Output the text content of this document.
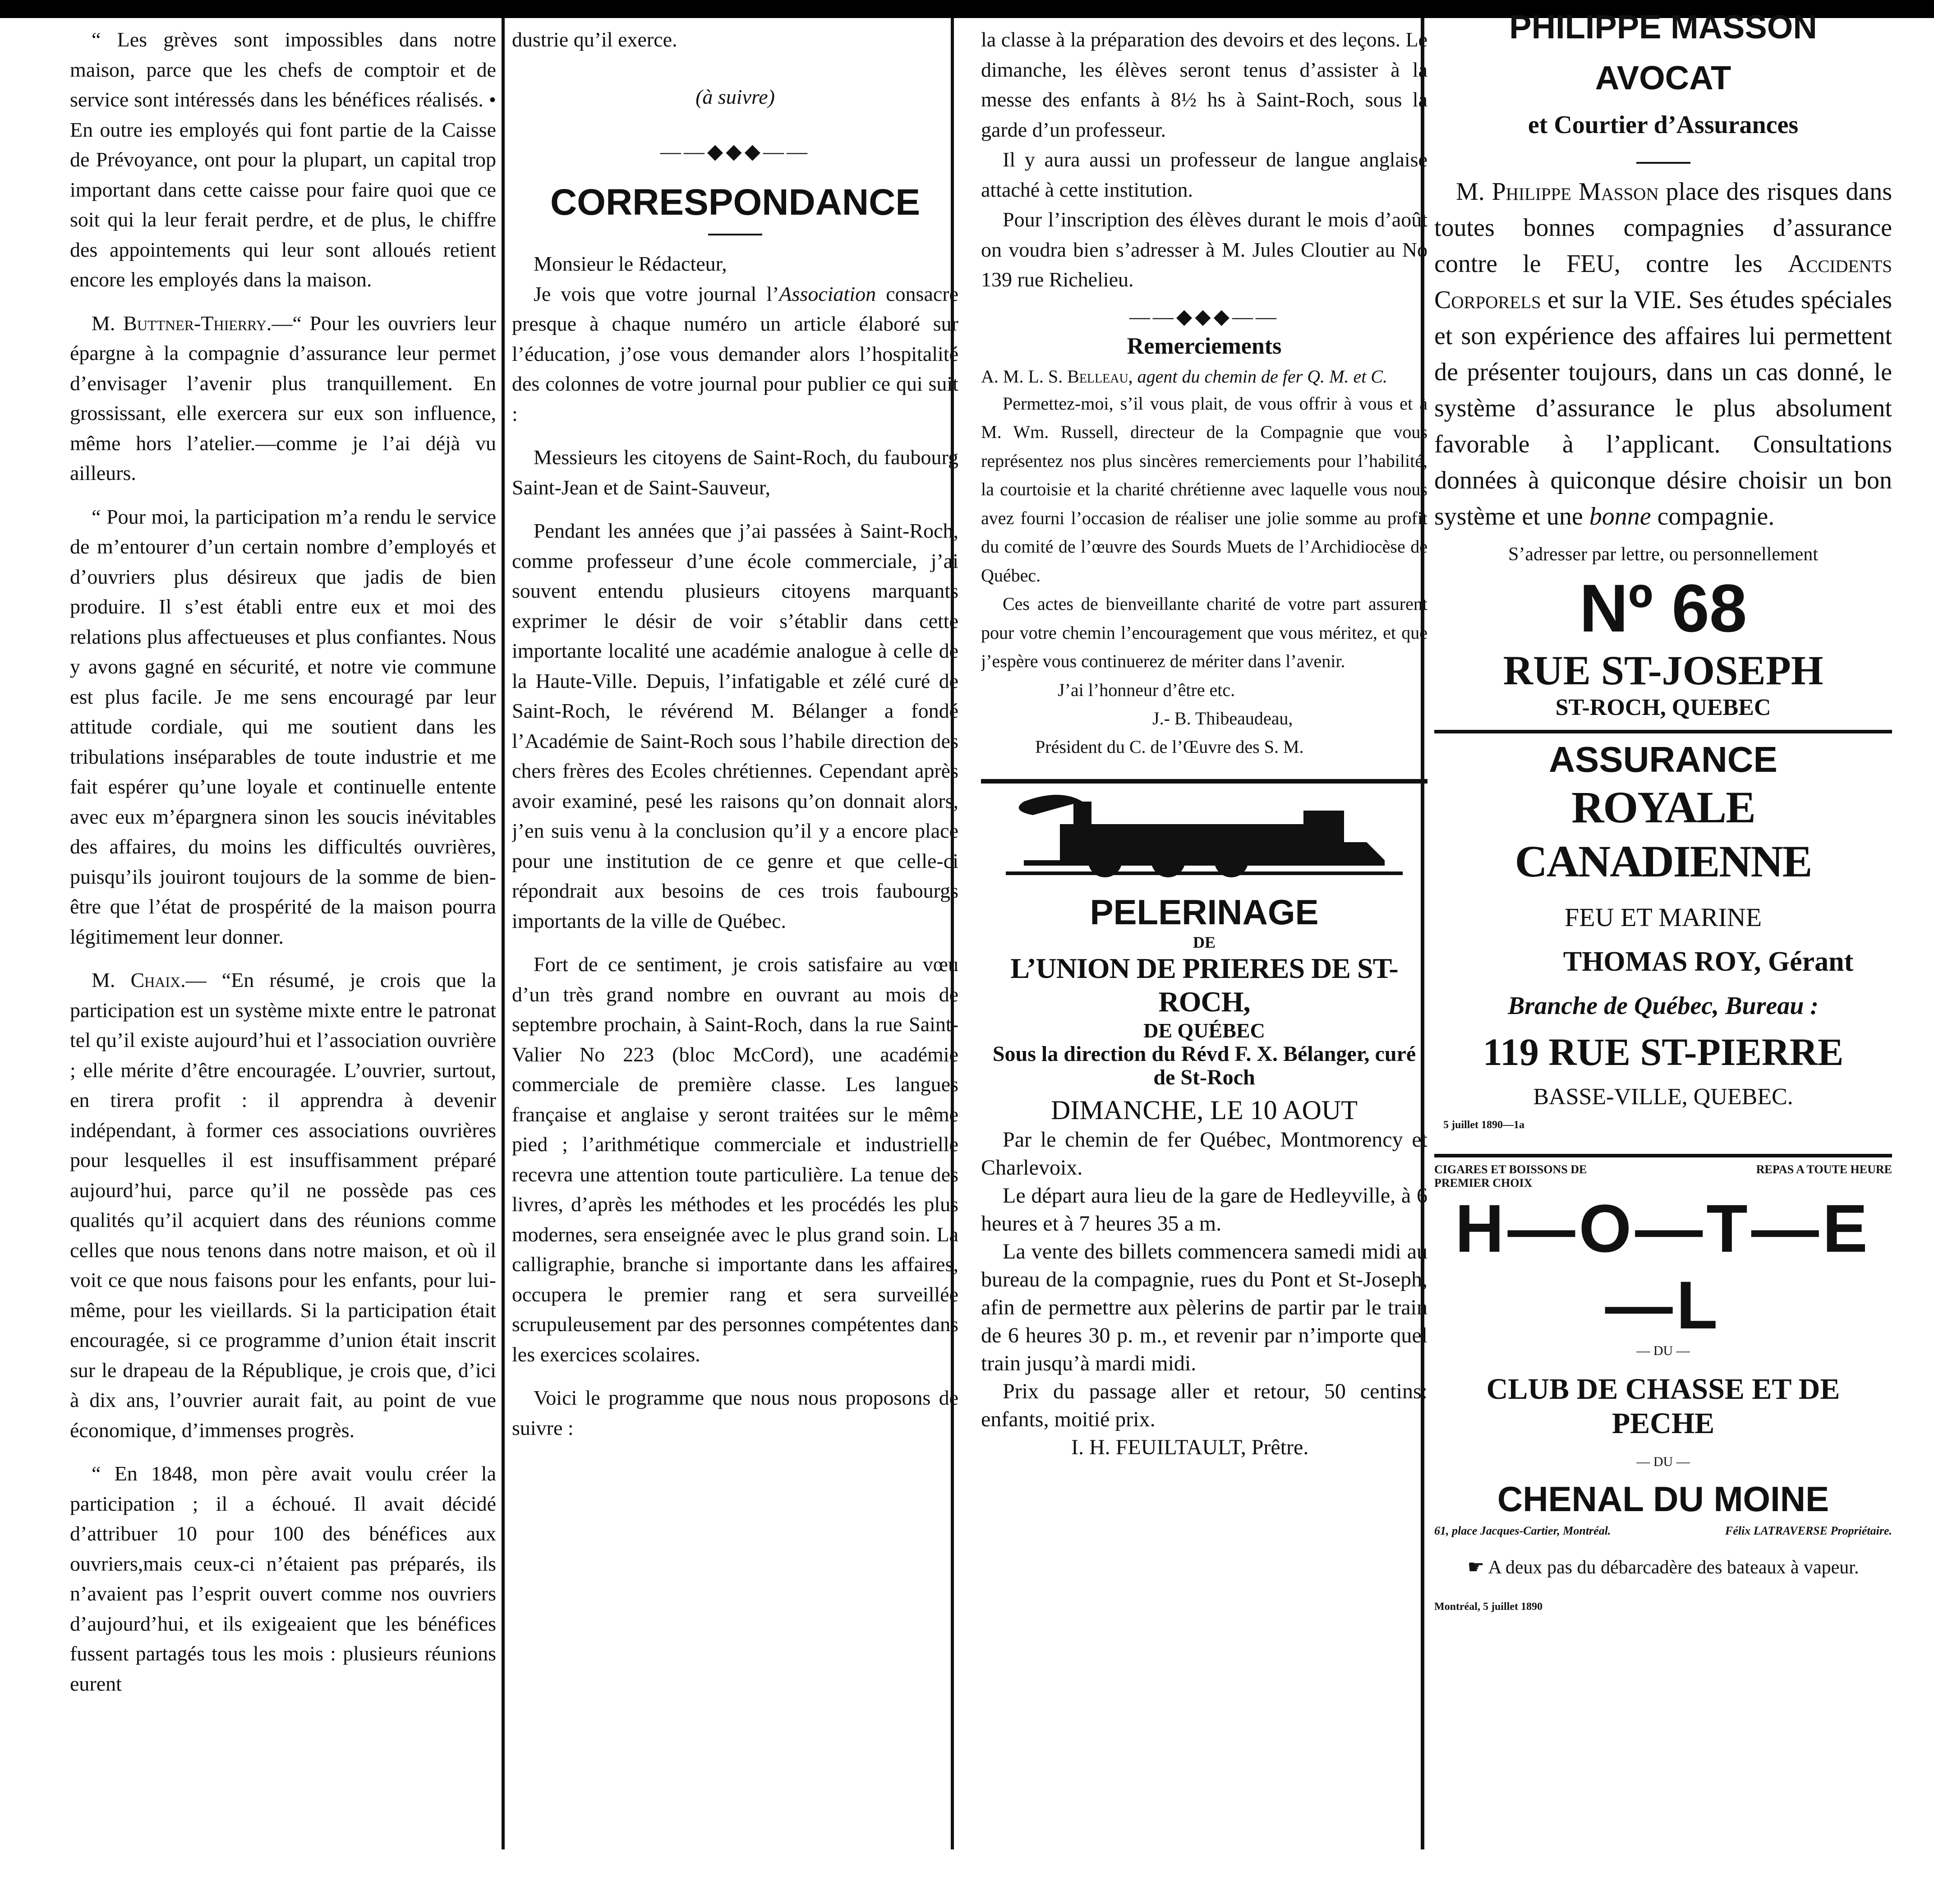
“ Les grèves sont impossibles dans notre maison, parce que les chefs de comptoir et de service sont intéressés dans les bénéfices réalisés. • En outre ies employés qui font partie de la Caisse de Prévoyance, ont pour la plupart, un capital trop important dans cette caisse pour faire quoi que ce soit qui la leur ferait perdre, et de plus, le chiffre des appointements qui leur sont alloués retient encore les employés dans la maison.

M. Buttner-Thierry.—“ Pour les ouvriers leur épargne à la compagnie d’assurance leur permet d’envisager l’avenir plus tranquillement. En grossissant, elle exercera sur eux son influence, même hors l’atelier.—comme je l’ai déjà vu ailleurs.

“ Pour moi, la participation m’a rendu le service de m’entourer d’un certain nombre d’employés et d’ouvriers plus désireux que jadis de bien produire. Il s’est établi entre eux et moi des relations plus affectueuses et plus confiantes. Nous y avons gagné en sécurité, et notre vie commune est plus facile. Je me sens encouragé par leur attitude cordiale, qui me soutient dans les tribulations inséparables de toute industrie et me fait espérer qu’une loyale et continuelle entente avec eux m’épargnera sinon les soucis inévitables des affaires, du moins les difficultés ouvrières, puisqu’ils jouiront toujours de la somme de bien-être que l’état de prospérité de la maison pourra légitimement leur donner.

M. Chaix.— “En résumé, je crois que la participation est un système mixte entre le patronat tel qu’il existe aujourd’hui et l’association ouvrière ; elle mérite d’être encouragée. L’ouvrier, surtout, en tirera profit : il apprendra à devenir indépendant, à former ces associations ouvrières pour lesquelles il est insuffisamment préparé aujourd’hui, parce qu’il ne possède pas ces qualités qu’il acquiert dans des réunions comme celles que nous tenons dans notre maison, et où il voit ce que nous faisons pour les enfants, pour lui-même, pour les vieillards. Si la participation était encouragée, si ce programme d’union était inscrit sur le drapeau de la République, je crois que, d’ici à dix ans, l’ouvrier aurait fait, au point de vue économique, d’immenses progrès.

“ En 1848, mon père avait voulu créer la participation ; il a échoué. Il avait décidé d’attribuer 10 pour 100 des bénéfices aux ouvriers,mais ceux-ci n’étaient pas préparés, ils n’avaient pas l’esprit ouvert comme nos ouvriers d’aujourd’hui, et ils exigeaient que les bénéfices fussent partagés tous les mois : plusieurs réunions eurent

dustrie qu’il exerce.

(à suivre)

——◆◆◆——
CORRESPONDANCE

Monsieur le Rédacteur,

Je vois que votre journal l’Association consacre presque à chaque numéro un article élaboré sur l’éducation, j’ose vous demander alors l’hospitalité des colonnes de votre journal pour publier ce qui suit :

Messieurs les citoyens de Saint-Roch, du faubourg Saint-Jean et de Saint-Sauveur,

Pendant les années que j’ai passées à Saint-Roch, comme professeur d’une école commerciale, j’ai souvent entendu plusieurs citoyens marquants exprimer le désir de voir s’établir dans cette importante localité une académie analogue à celle de la Haute-Ville. Depuis, l’infatigable et zélé curé de Saint-Roch, le révérend M. Bélanger a fondé l’Académie de Saint-Roch sous l’habile direction des chers frères des Ecoles chrétiennes. Cependant après avoir examiné, pesé les raisons qu’on donnait alors, j’en suis venu à la conclusion qu’il y a encore place pour une institution de ce genre et que celle-ci répondrait aux besoins de ces trois faubourgs importants de la ville de Québec.

Fort de ce sentiment, je crois satisfaire au vœu d’un très grand nombre en ouvrant au mois de septembre prochain, à Saint-Roch, dans la rue Saint-Valier No 223 (bloc McCord), une académie commerciale de première classe. Les langues française et anglaise y seront traitées sur le même pied ; l’arithmétique commerciale et industrielle recevra une attention toute particulière. La tenue des livres, d’après les méthodes et les procédés les plus modernes, sera enseignée avec le plus grand soin. La calligraphie, branche si importante dans les affaires, occupera le premier rang et sera surveillée scrupuleusement par des personnes compétentes dans les exercices scolaires.

Voici le programme que nous nous proposons de suivre :

la classe à la préparation des devoirs et des leçons. Le dimanche, les élèves seront tenus d’assister à la messe des enfants à 8½ hs à Saint-Roch, sous la garde d’un professeur.

Il y aura aussi un professeur de langue anglaise attaché à cette institution.

Pour l’inscription des élèves durant le mois d’août on voudra bien s’adresser à M. Jules Cloutier au No 139 rue Richelieu.

——◆◆◆——
Remerciements

A. M. L. S. Belleau, agent du chemin de fer Q. M. et C.

Permettez-moi, s’il vous plait, de vous offrir à vous et à M. Wm. Russell, directeur de la Compagnie que vous représentez nos plus sincères remerciements pour l’habilité, la courtoisie et la charité chrétienne avec laquelle vous nous avez fourni l’occasion de réaliser une jolie somme au profit du comité de l’œuvre des Sourds Muets de l’Archidiocèse de Québec.

Ces actes de bienveillante charité de votre part assurent pour votre chemin l’encouragement que vous méritez, et que j’espère vous continuerez de mériter dans l’avenir.

J’ai l’honneur d’être etc.

J.- B. Thibeaudeau,

Président du C. de l’Œuvre des S. M.

PELERINAGE
DE
L’UNION DE PRIERES DE ST-ROCH,
DE QUÉBEC
Sous la direction du Révd F. X. Bélanger, curé de St-Roch
DIMANCHE, LE 10 AOUT

Par le chemin de fer Québec, Montmorency et Charlevoix.

Le départ aura lieu de la gare de Hedleyville, à 6 heures et à 7 heures 35 a m.

La vente des billets commencera samedi midi au bureau de la compagnie, rues du Pont et St-Joseph, afin de permettre aux pèlerins de partir par le train de 6 heures 30 p. m., et revenir par n’importe quel train jusqu’à mardi midi.

Prix du passage aller et retour, 50 centins: enfants, moitié prix.

I. H. FEUILTAULT, Prêtre.

PHILIPPE MASSON
AVOCAT
et Courtier d’Assurances

M. Philippe Masson place des risques dans toutes bonnes compagnies d’assurance contre le FEU, contre les Accidents Corporels et sur la VIE. Ses études spéciales et son expérience des affaires lui permettent de présenter toujours, dans un cas donné, le système d’assurance le plus absolument favorable à l’applicant. Consultations données à quiconque désire choisir un bon système et une bonne compagnie.

S’adresser par lettre, ou personnellement
Nº 68
RUE ST-JOSEPH
ST-ROCH, QUEBEC
ASSURANCE
ROYALE CANADIENNE
FEU ET MARINE
THOMAS ROY, Gérant
Branche de Québec, Bureau :
119 RUE ST-PIERRE
BASSE-VILLE, QUEBEC.
5 juillet 1890—1a
CIGARES ET BOISSONS DE PREMIER CHOIX
REPAS A TOUTE HEURE
H—O—T—E—L
— DU —
CLUB DE CHASSE ET DE PECHE
— DU —
CHENAL DU MOINE
61, place Jacques-Cartier, Montréal.	Félix LATRAVERSE Propriétaire.
☛ A deux pas du débarcadère des bateaux à vapeur.
Montréal, 5 juillet 1890
